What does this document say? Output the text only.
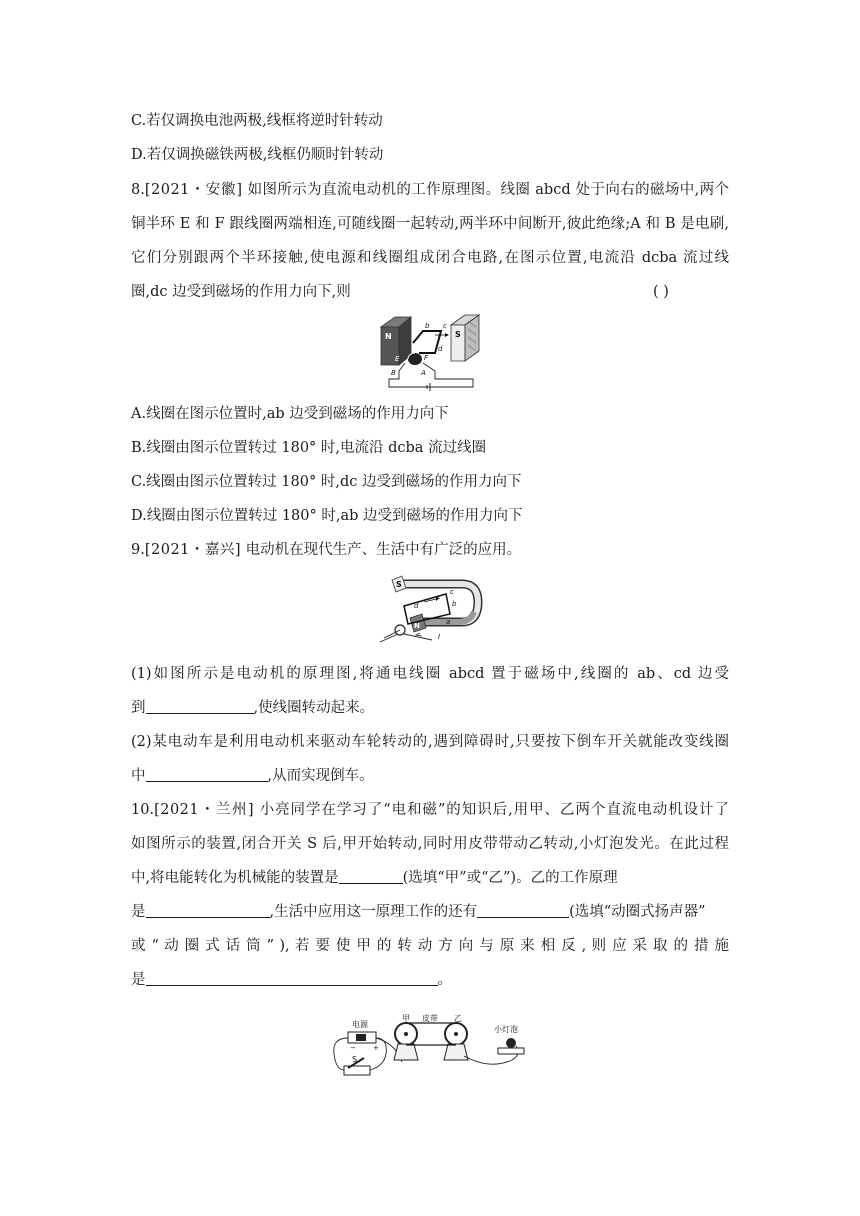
C.若仅调换电池两极,线框将逆时针转动
D.若仅调换磁铁两极,线框仍顺时针转动
8.[2021・安徽] 如图所示为直流电动机的工作原理图。线圈 abcd 处于向右的磁场中,两个
铜半环 E 和 F 跟线圈两端相连,可随线圈一起转动,两半环中间断开,彼此绝缘;A 和 B 是电刷,
它们分别跟两个半环接触,使电源和线圈组成闭合电路,在图示位置,电流沿 dcba 流过线
圈,dc 边受到磁场的作用力向下,则	( )
N	S
a
b c
d
E	F
A
B
A.线圈在图示位置时,ab 边受到磁场的作用力向下
B.线圈由图示位置转过 180° 时,电流沿 dcba 流过线圈
C.线圈由图示位置转过 180° 时,dc 边受到磁场的作用力向下
D.线圈由图示位置转过 180° 时,ab 边受到磁场的作用力向下
9.[2021・嘉兴] 电动机在现代生产、生活中有广泛的应用。
S
N	a
b
c
d
I
(1)如图所示是电动机的原理图,将通电线圈 abcd 置于磁场中,线圈的 ab、cd 边受
到	,使线圈转动起来。
(2)某电动车是利用电动机来驱动车轮转动的,遇到障碍时,只要按下倒车开关就能改变线圈
中	,从而实现倒车。
10.[2021・兰州] 小亮同学在学习了“电和磁”的知识后,用甲、乙两个直流电动机设计了
如图所示的装置,闭合开关 S 后,甲开始转动,同时用皮带带动乙转动,小灯泡发光。在此过程
中,将电能转化为机械能的装置是	(选填“甲”或“乙”)。乙的工作原理
是	,生活中应用这一原理工作的还有	(选填“动圈式扬声器”
或 “ 动 圈 式 话 筒 ” ), 若 要 使 甲 的 转 动 方 向 与 原 来 相 反 , 则 应 采 取 的 措 施
是	。
电源
− +
S
甲 皮带 乙
小灯泡
